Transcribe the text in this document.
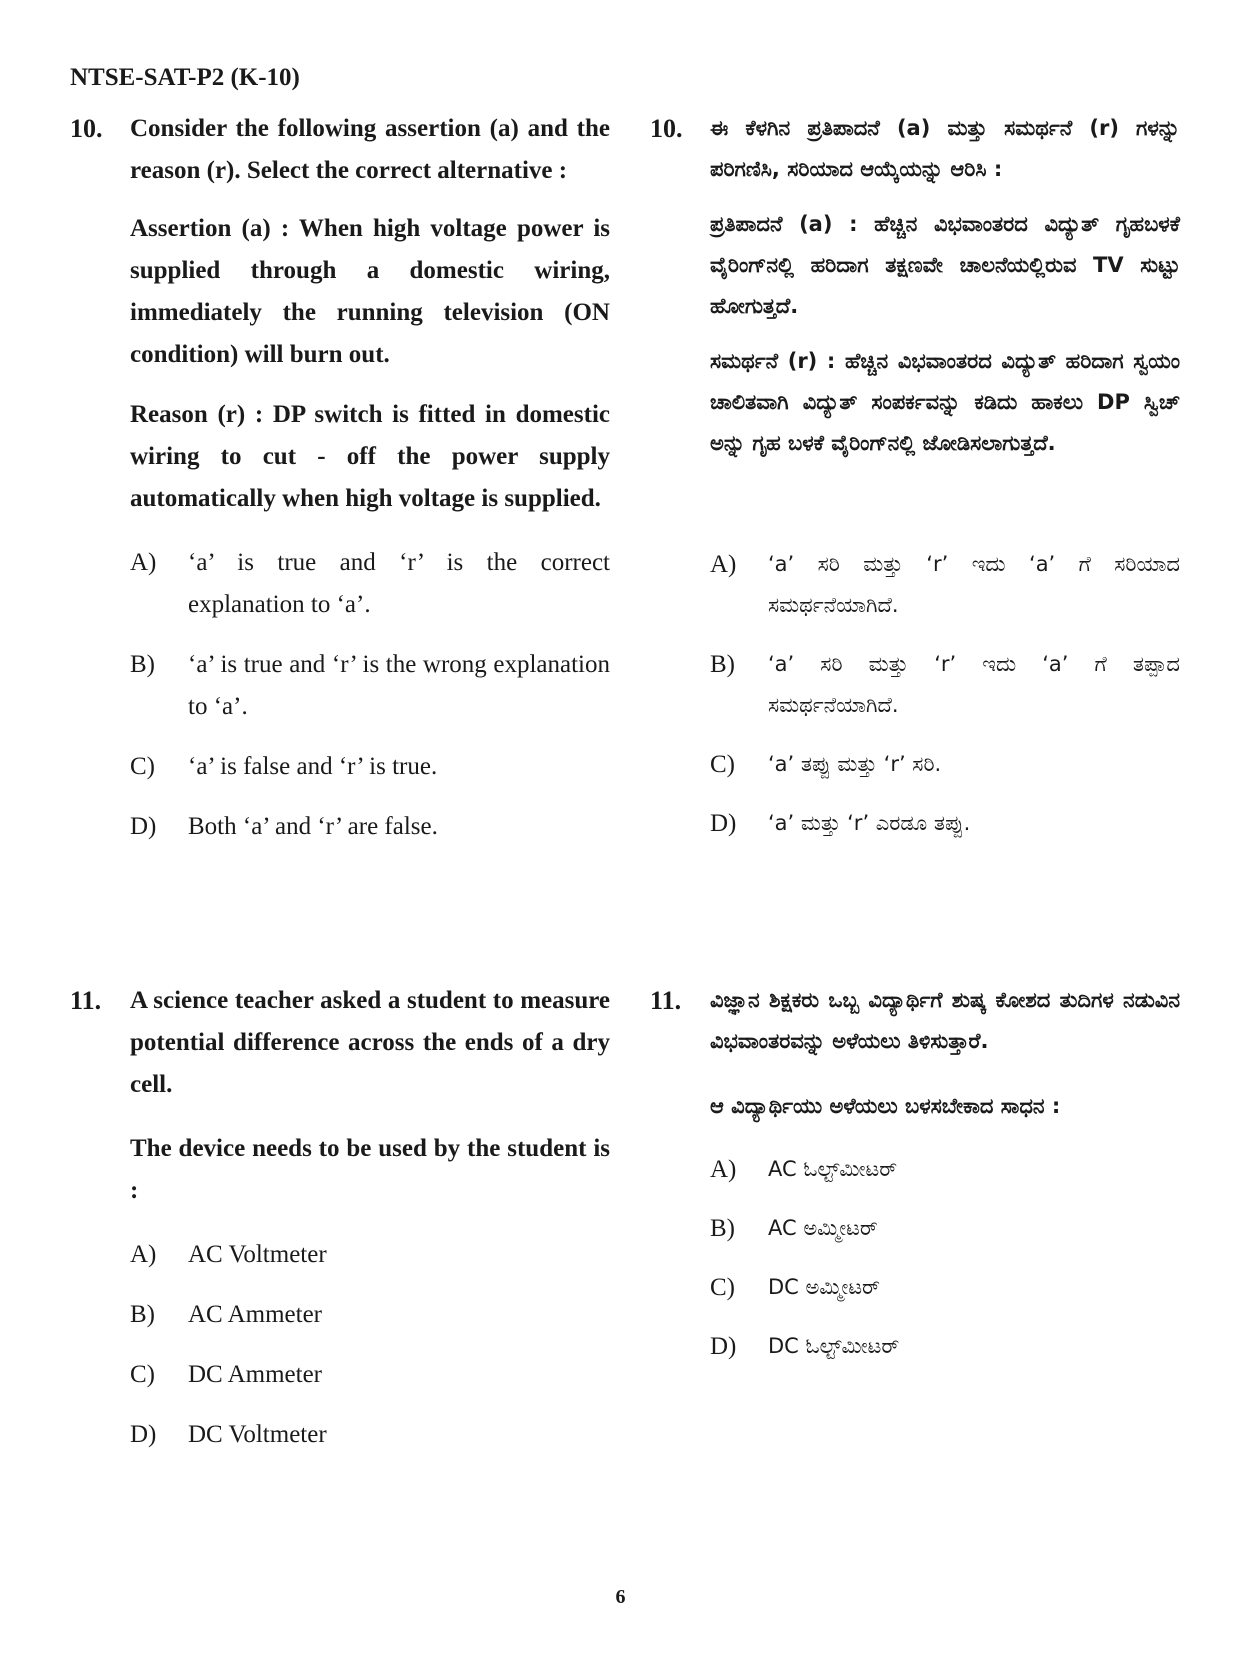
NTSE-SAT-P2 (K-10)
10. Consider the following assertion (a) and the reason (r). Select the correct alternative :

Assertion (a) : When high voltage power is supplied through a domestic wiring, immediately the running television (ON condition) will burn out.

Reason (r) : DP switch is fitted in domestic wiring to cut - off the power supply automatically when high voltage is supplied.

A) ‘a’ is true and ‘r’ is the correct explanation to ‘a’.
B) ‘a’ is true and ‘r’ is the wrong explanation to ‘a’.
C) ‘a’ is false and ‘r’ is true.
D) Both ‘a’ and ‘r’ are false.
11. A science teacher asked a student to measure potential difference across the ends of a dry cell.

The device needs to be used by the student is :

A) AC Voltmeter
B) AC Ammeter
C) DC Ammeter
D) DC Voltmeter
10. ಈ ಕೆಳಗಿನ ಪ್ರತಿಪಾದನೆ (a) ಮತ್ತು ಸಮರ್ಥನೆ (r) ಗಳನ್ನು ಪರಿಗಣಿಸಿ, ಸರಿಯಾದ ಆಯ್ಕೆಯನ್ನು ಆರಿಸಿ :

ಪ್ರತಿಪಾದನೆ (a) : ಹೆಚ್ಚಿನ ವಿಭವಾಂತರದ ವಿದ್ಯುತ್ ಗೃಹಬಳಕೆ ವೈರಿಂಗ್‌ನಲ್ಲಿ ಹರಿದಾಗ ತಕ್ಷಣವೇ ಚಾಲನೆಯಲ್ಲಿರುವ TV ಸುಟ್ಟು ಹೋಗುತ್ತದೆ.

ಸಮರ್ಥನೆ (r) : ಹೆಚ್ಚಿನ ವಿಭವಾಂತರದ ವಿದ್ಯುತ್ ಹರಿದಾಗ ಸ್ವಯಂ ಚಾಲಿತವಾಗಿ ವಿದ್ಯುತ್ ಸಂಪರ್ಕವನ್ನು ಕಡಿದು ಹಾಕಲು DP ಸ್ವಿಚ್ ಅನ್ನು ಗೃಹ ಬಳಕೆ ವೈರಿಂಗ್‌ನಲ್ಲಿ ಜೋಡಿಸಲಾಗುತ್ತದೆ.

A) ‘a’ ಸರಿ ಮತ್ತು ‘r’ ಇದು ‘a’ ಗೆ ಸರಿಯಾದ ಸಮರ್ಥನೆಯಾಗಿದೆ.
B) ‘a’ ಸರಿ ಮತ್ತು ‘r’ ಇದು ‘a’ ಗೆ ತಪ್ಪಾದ ಸಮರ್ಥನೆಯಾಗಿದೆ.
C) ‘a’ ತಪ್ಪು ಮತ್ತು ‘r’ ಸರಿ.
D) ‘a’ ಮತ್ತು ‘r’ ಎರಡೂ ತಪ್ಪು.
11. ವಿಜ್ಞಾನ ಶಿಕ್ಷಕರು ಒಬ್ಬ ವಿದ್ಯಾರ್ಥಿಗೆ ಶುಷ್ಕ ಕೋಶದ ತುದಿಗಳ ನಡುವಿನ ವಿಭವಾಂತರವನ್ನು ಅಳೆಯಲು ತಿಳಿಸುತ್ತಾರೆ.

ಆ ವಿದ್ಯಾರ್ಥಿಯು ಅಳೆಯಲು ಬಳಸಬೇಕಾದ ಸಾಧನ :

A) AC ಓಲ್ಟ್‌ಮೀಟರ್
B) AC ಅಮ್ಮೀಟರ್
C) DC ಅಮ್ಮೀಟರ್
D) DC ಓಲ್ಟ್‌ಮೀಟರ್
6
